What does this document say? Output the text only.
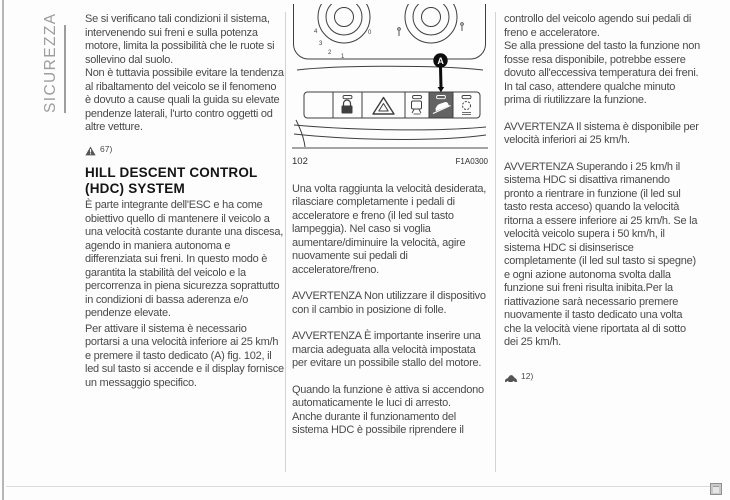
SICUREZZA Se si verificano tali condizioni il sistema, intervenendo sui freni e sulla potenza motore, limita la possibilità che le ruote si sollevino dal suolo.

Non è tuttavia possibile evitare la tendenza al ribaltamento del veicolo se il fenomeno è dovuto a cause quali la guida su elevate pendenze laterali, l'urto contro oggetti od altre vetture.

67)
HILL DESCENT CONTROL (HDC) SYSTEM

È parte integrante dell'ESC e ha come obiettivo quello di mantenere il veicolo a una velocità costante durante una discesa, agendo in maniera autonoma e differenziata sui freni. In questo modo è garantita la stabilità del veicolo e la percorrenza in piena sicurezza soprattutto in condizioni di bassa aderenza e/o pendenze elevate.

Per attivare il sistema è necessario portarsi a una velocità inferiore ai 25 km/h e premere il tasto dedicato (A) fig. 102, il led sul tasto si accende e il display fornisce un messaggio specifico.

4
3
2
1
0
A
102	F1A0300

Una volta raggiunta la velocità desiderata, rilasciare completamente i pedali di acceleratore e freno (il led sul tasto lampeggia). Nel caso si voglia aumentare/diminuire la velocità, agire nuovamente sui pedali di acceleratore/freno.

AVVERTENZA Non utilizzare il dispositivo con il cambio in posizione di folle.

AVVERTENZA È importante inserire una marcia adeguata alla velocità impostata per evitare un possibile stallo del motore.

Quando la funzione è attiva si accendono automaticamente le luci di arresto.

Anche durante il funzionamento del sistema HDC è possibile riprendere il

controllo del veicolo agendo sui pedali di freno e acceleratore.

Se alla pressione del tasto la funzione non fosse resa disponibile, potrebbe essere dovuto all'eccessiva temperatura dei freni. In tal caso, attendere qualche minuto prima di riutilizzare la funzione.

AVVERTENZA Il sistema è disponibile per velocità inferiori ai 25 km/h.

AVVERTENZA Superando i 25 km/h il sistema HDC si disattiva rimanendo pronto a rientrare in funzione (il led sul tasto resta acceso) quando la velocità ritorna a essere inferiore ai 25 km/h. Se la velocità veicolo supera i 50 km/h, il sistema HDC si disinserisce completamente (il led sul tasto si spegne) e ogni azione autonoma svolta dalla funzione sui freni risulta inibita.Per la riattivazione sarà necessario premere nuovamente il tasto dedicato una volta che la velocità viene riportata al di sotto dei 25 km/h.

12)
